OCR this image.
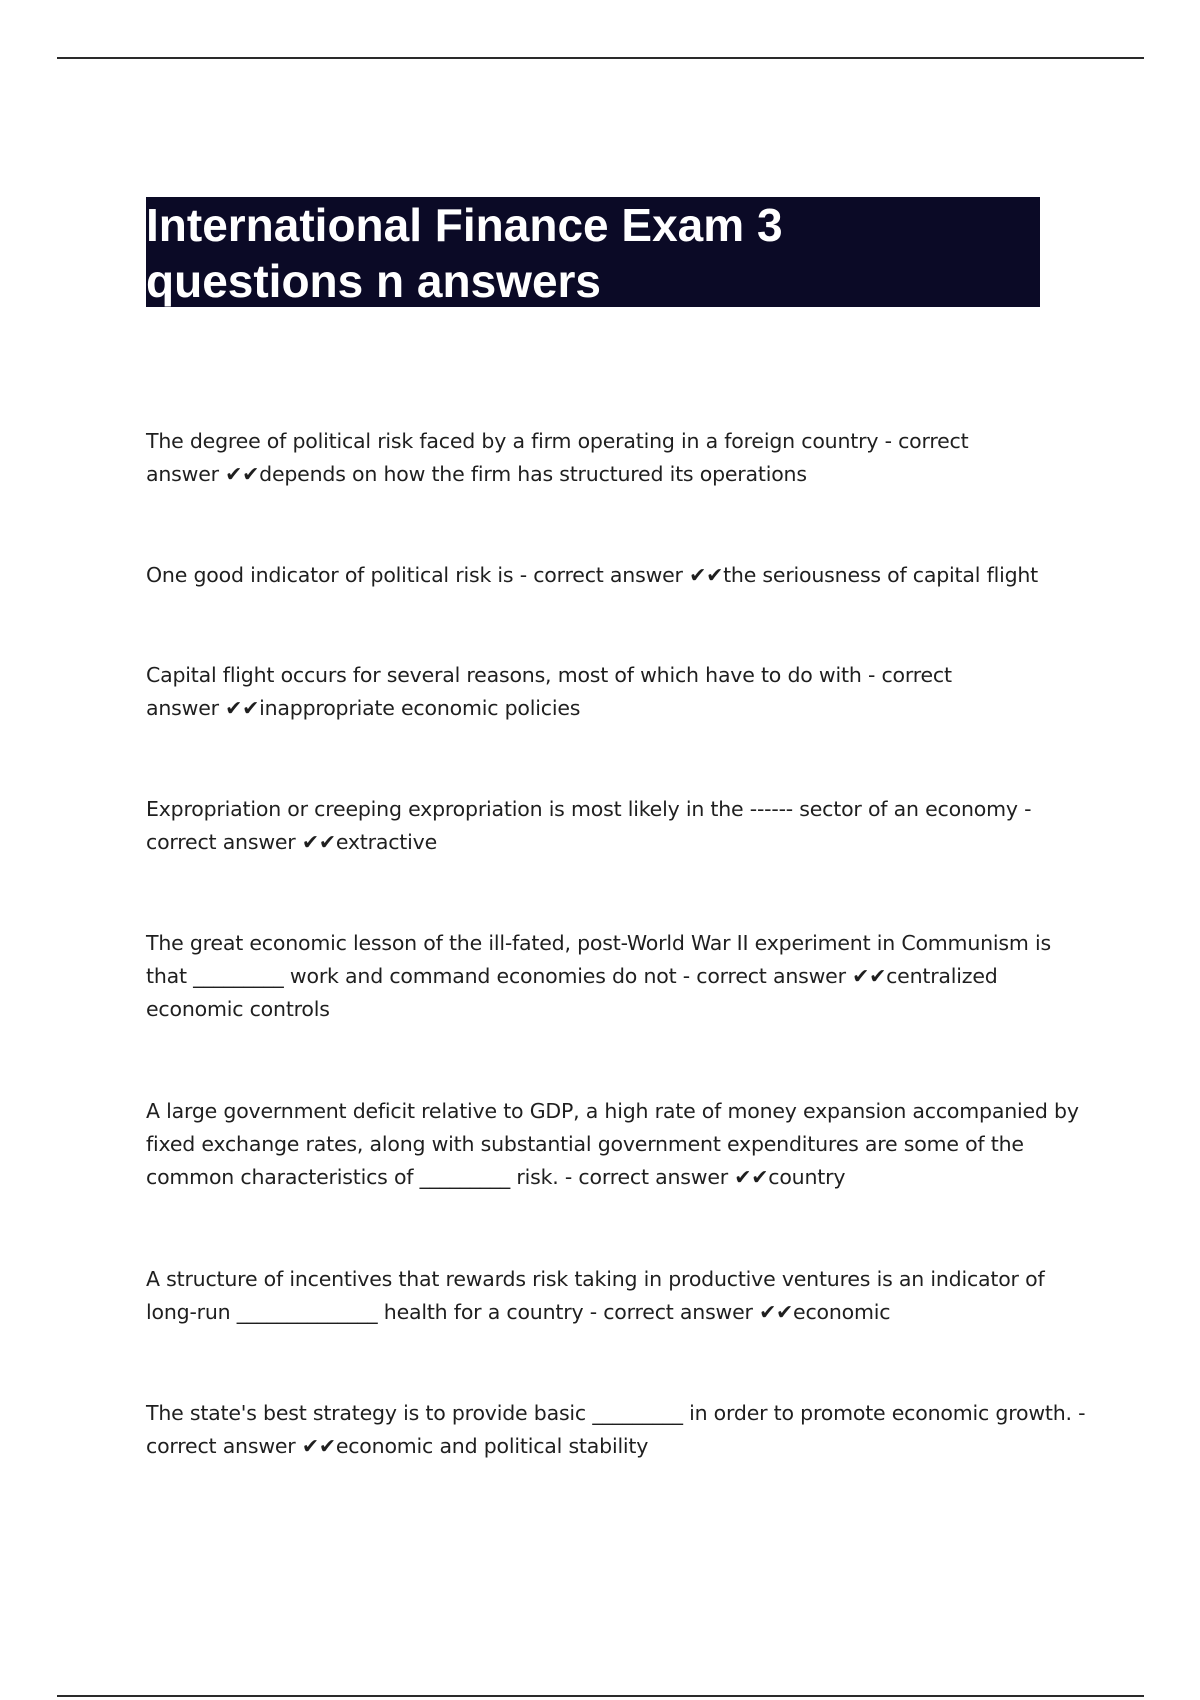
International Finance Exam 3
questions n answers

The degree of political risk faced by a firm operating in a foreign country - correct answer ✔✔depends on how the firm has structured its operations

One good indicator of political risk is - correct answer ✔✔the seriousness of capital flight

Capital flight occurs for several reasons, most of which have to do with - correct answer ✔✔inappropriate economic policies

Expropriation or creeping expropriation is most likely in the ------ sector of an economy - correct answer ✔✔extractive

The great economic lesson of the ill-fated, post-World War II experiment in Communism is that _________ work and command economies do not - correct answer ✔✔centralized economic controls

A large government deficit relative to GDP, a high rate of money expansion accompanied by fixed exchange rates, along with substantial government expenditures are some of the common characteristics of _________ risk. - correct answer ✔✔country

A structure of incentives that rewards risk taking in productive ventures is an indicator of long-run ______________ health for a country - correct answer ✔✔economic

The state's best strategy is to provide basic _________ in order to promote economic growth. - correct answer ✔✔economic and political stability
